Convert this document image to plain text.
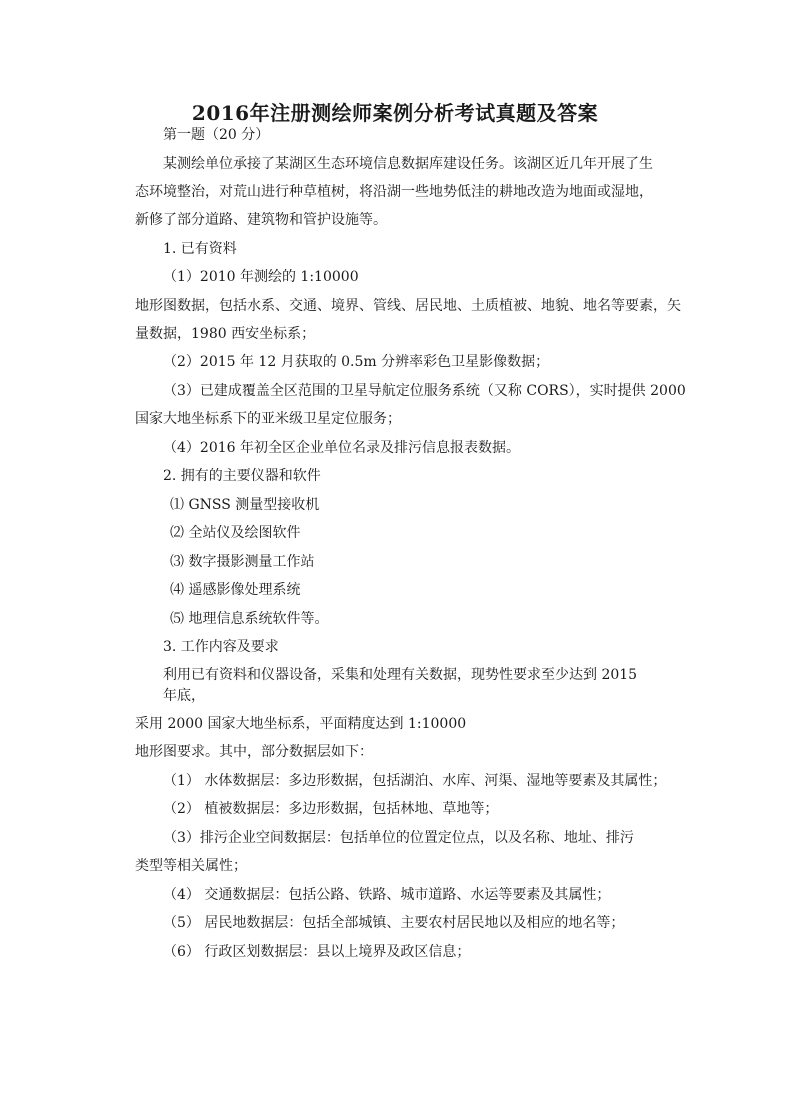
2016年注册测绘师案例分析考试真题及答案
第一题（20 分）
某测绘单位承接了某湖区生态环境信息数据库建设任务。该湖区近几年开展了生
态环境整治，对荒山进行种草植树，将沿湖一些地势低洼的耕地改造为地面或湿地，
新修了部分道路、建筑物和管护设施等。
1. 已有资料
（1）2010 年测绘的 1:10000
地形图数据，包括水系、交通、境界、管线、居民地、土质植被、地貌、地名等要素，矢
量数据，1980 西安坐标系；
（2）2015 年 12 月获取的 0.5m 分辨率彩色卫星影像数据；
（3）已建成覆盖全区范围的卫星导航定位服务系统（又称 CORS），实时提供 2000
国家大地坐标系下的亚米级卫星定位服务；
（4）2016 年初全区企业单位名录及排污信息报表数据。
2. 拥有的主要仪器和软件
⑴ GNSS 测量型接收机
⑵ 全站仪及绘图软件
⑶ 数字摄影测量工作站
⑷ 遥感影像处理系统
⑸ 地理信息系统软件等。
3. 工作内容及要求
利用已有资料和仪器设备，采集和处理有关数据，现势性要求至少达到 2015
年底，
采用 2000 国家大地坐标系，平面精度达到 1:10000
地形图要求。其中，部分数据层如下：
（1） 水体数据层：多边形数据，包括湖泊、水库、河渠、湿地等要素及其属性；
（2） 植被数据层：多边形数据，包括林地、草地等；
（3）排污企业空间数据层：包括单位的位置定位点，以及名称、地址、排污
类型等相关属性；
（4） 交通数据层：包括公路、铁路、城市道路、水运等要素及其属性；
（5） 居民地数据层：包括全部城镇、主要农村居民地以及相应的地名等；
（6） 行政区划数据层：县以上境界及政区信息；
